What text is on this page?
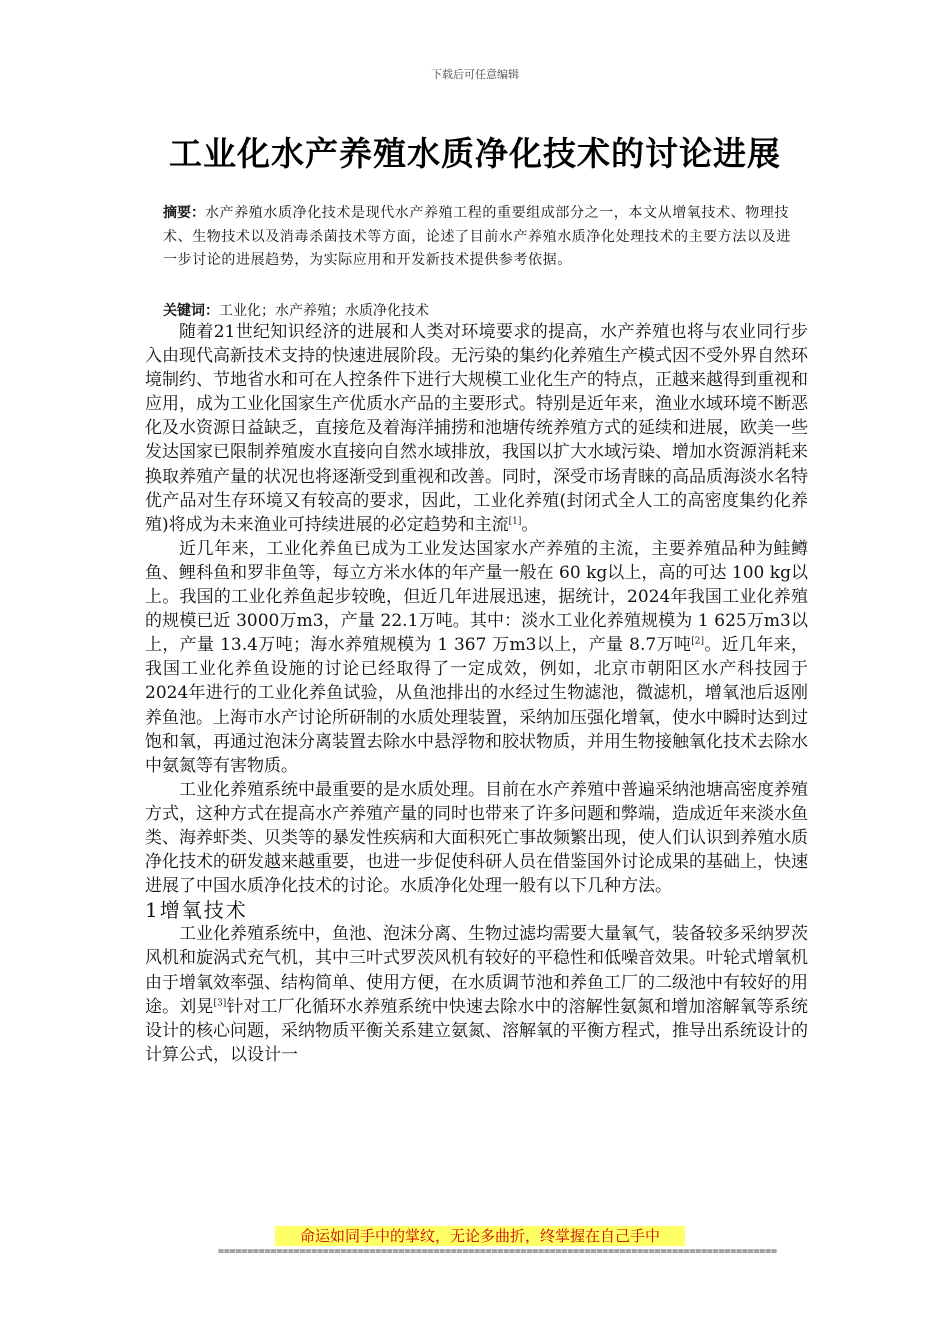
下载后可任意编辑
工业化水产养殖水质净化技术的讨论进展
摘要：水产养殖水质净化技术是现代水产养殖工程的重要组成部分之一，本文从增氧技术、物理技术、生物技术以及消毒杀菌技术等方面，论述了目前水产养殖水质净化处理技术的主要方法以及进一步讨论的进展趋势，为实际应用和开发新技术提供参考依据。
关键词：工业化；水产养殖；水质净化技术

随着21世纪知识经济的进展和人类对环境要求的提高，水产养殖也将与农业同行步入由现代高新技术支持的快速进展阶段。无污染的集约化养殖生产模式因不受外界自然环境制约、节地省水和可在人控条件下进行大规模工业化生产的特点，正越来越得到重视和应用，成为工业化国家生产优质水产品的主要形式。特别是近年来，渔业水域环境不断恶化及水资源日益缺乏，直接危及着海洋捕捞和池塘传统养殖方式的延续和进展，欧美一些发达国家已限制养殖废水直接向自然水域排放，我国以扩大水域污染、增加水资源消耗来换取养殖产量的状况也将逐渐受到重视和改善。同时，深受市场青睐的高品质海淡水名特优产品对生存环境又有较高的要求，因此，工业化养殖(封闭式全人工的高密度集约化养殖)将成为未来渔业可持续进展的必定趋势和主流[1]。

近几年来，工业化养鱼已成为工业发达国家水产养殖的主流，主要养殖品种为鲑鳟鱼、鲤科鱼和罗非鱼等，每立方米水体的年产量一般在 60 kg以上，高的可达 100 kg以上。我国的工业化养鱼起步较晚，但近几年进展迅速，据统计，2024年我国工业化养殖的规模已近 3000万m3，产量 22.1万吨。其中：淡水工业化养殖规模为 1 625万m3以上，产量 13.4万吨；海水养殖规模为 1 367 万m3以上，产量 8.7万吨[2]。近几年来，我国工业化养鱼设施的讨论已经取得了一定成效，例如，北京市朝阳区水产科技园于2024年进行的工业化养鱼试验，从鱼池排出的水经过生物滤池，微滤机，增氧池后返刚养鱼池。上海市水产讨论所研制的水质处理装置，采纳加压强化增氧，使水中瞬时达到过饱和氧，再通过泡沫分离装置去除水中悬浮物和胶状物质，并用生物接触氧化技术去除水中氨氮等有害物质。

工业化养殖系统中最重要的是水质处理。目前在水产养殖中普遍采纳池塘高密度养殖方式，这种方式在提高水产养殖产量的同时也带来了许多问题和弊端，造成近年来淡水鱼类、海养虾类、贝类等的暴发性疾病和大面积死亡事故频繁出现，使人们认识到养殖水质净化技术的研发越来越重要，也进一步促使科研人员在借鉴国外讨论成果的基础上，快速进展了中国水质净化技术的讨论。水质净化处理一般有以下几种方法。

1增氧技术

工业化养殖系统中，鱼池、泡沫分离、生物过滤均需要大量氧气，装备较多采纳罗茨风机和旋涡式充气机，其中三叶式罗茨风机有较好的平稳性和低噪音效果。叶轮式增氧机由于增氧效率强、结构简单、使用方便，在水质调节池和养鱼工厂的二级池中有较好的用途。刘晃[3]针对工厂化循环水养殖系统中快速去除水中的溶解性氨氮和增加溶解氧等系统设计的核心问题，采纳物质平衡关系建立氨氮、溶解氧的平衡方程式，推导出系统设计的计算公式，以设计一

命运如同手中的掌纹，无论多曲折，终掌握在自己手中
================================================================================================
